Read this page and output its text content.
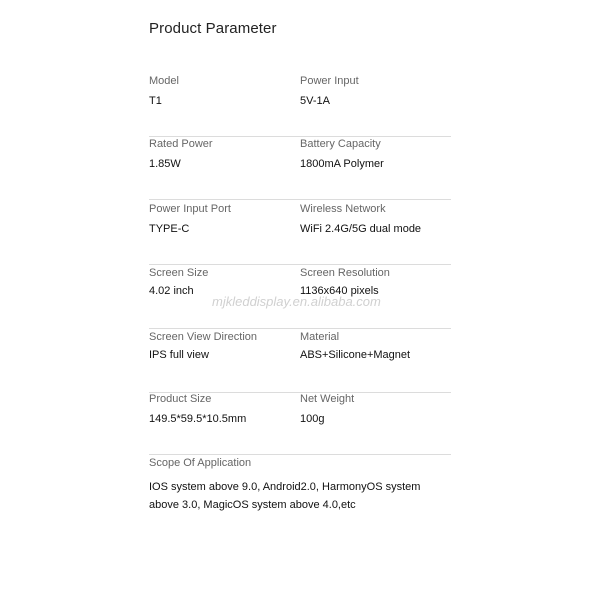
Product Parameter
Model
T1
Power Input
5V-1A
Rated Power
1.85W
Battery Capacity
1800mA Polymer
Power Input Port
TYPE-C
Wireless Network
WiFi 2.4G/5G dual mode
Screen Size
4.02 inch
Screen Resolution
1136x640 pixels
mjkleddisplay.en.alibaba.com
Screen View Direction
IPS full view
Material
ABS+Silicone+Magnet
Product Size
149.5*59.5*10.5mm
Net Weight
100g
Scope Of Application
IOS system above 9.0, Android2.0, HarmonyOS system above 3.0, MagicOS system above 4.0,etc
